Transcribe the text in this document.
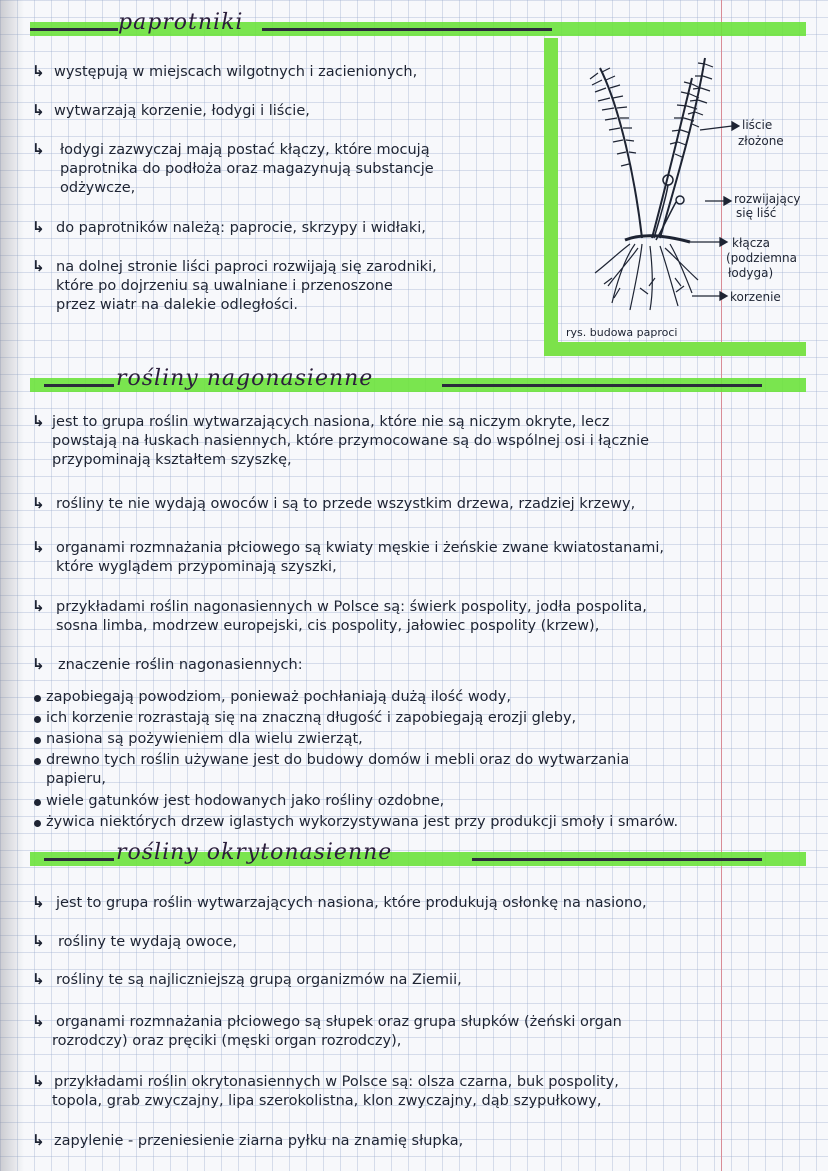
paprotniki
↳ występują w miejscach wilgotnych i zacienionych,
↳ wytwarzają korzenie, łodygi i liście,
↳ łodygi zazwyczaj mają postać kłączy, które mocują
paprotnika do podłoża oraz magazynują substancje
odżywcze,
↳ do paprotników należą: paprocie, skrzypy i widłaki,
↳ na dolnej stronie liści paproci rozwijają się zarodniki,
które po dojrzeniu są uwalniane i przenoszone
przez wiatr na dalekie odległości.
liście
złożone
rozwijający
się liść
kłącza
(podziemna
łodyga)
korzenie
rys. budowa paproci
rośliny nagonasienne
↳ jest to grupa roślin wytwarzających nasiona, które nie są niczym okryte, lecz
powstają na łuskach nasiennych, które przymocowane są do wspólnej osi i łącznie
przypominają kształtem szyszkę,
↳ rośliny te nie wydają owoców i są to przede wszystkim drzewa, rzadziej krzewy,
↳ organami rozmnażania płciowego są kwiaty męskie i żeńskie zwane kwiatostanami,
które wyglądem przypominają szyszki,
↳ przykładami roślin nagonasiennych w Polsce są: świerk pospolity, jodła pospolita,
sosna limba, modrzew europejski, cis pospolity, jałowiec pospolity (krzew),
↳ znaczenie roślin nagonasiennych:
zapobiegają powodziom, ponieważ pochłaniają dużą ilość wody,
ich korzenie rozrastają się na znaczną długość i zapobiegają erozji gleby,
nasiona są pożywieniem dla wielu zwierząt,
drewno tych roślin używane jest do budowy domów i mebli oraz do wytwarzania
papieru,
wiele gatunków jest hodowanych jako rośliny ozdobne,
żywica niektórych drzew iglastych wykorzystywana jest przy produkcji smoły i smarów.
rośliny okrytonasienne
↳ jest to grupa roślin wytwarzających nasiona, które produkują osłonkę na nasiono,
↳ rośliny te wydają owoce,
↳ rośliny te są najliczniejszą grupą organizmów na Ziemii,
↳ organami rozmnażania płciowego są słupek oraz grupa słupków (żeński organ
rozrodczy) oraz pręciki (męski organ rozrodczy),
↳ przykładami roślin okrytonasiennych w Polsce są: olsza czarna, buk pospolity,
topola, grab zwyczajny, lipa szerokolistna, klon zwyczajny, dąb szypułkowy,
↳ zapylenie - przeniesienie ziarna pyłku na znamię słupka,
